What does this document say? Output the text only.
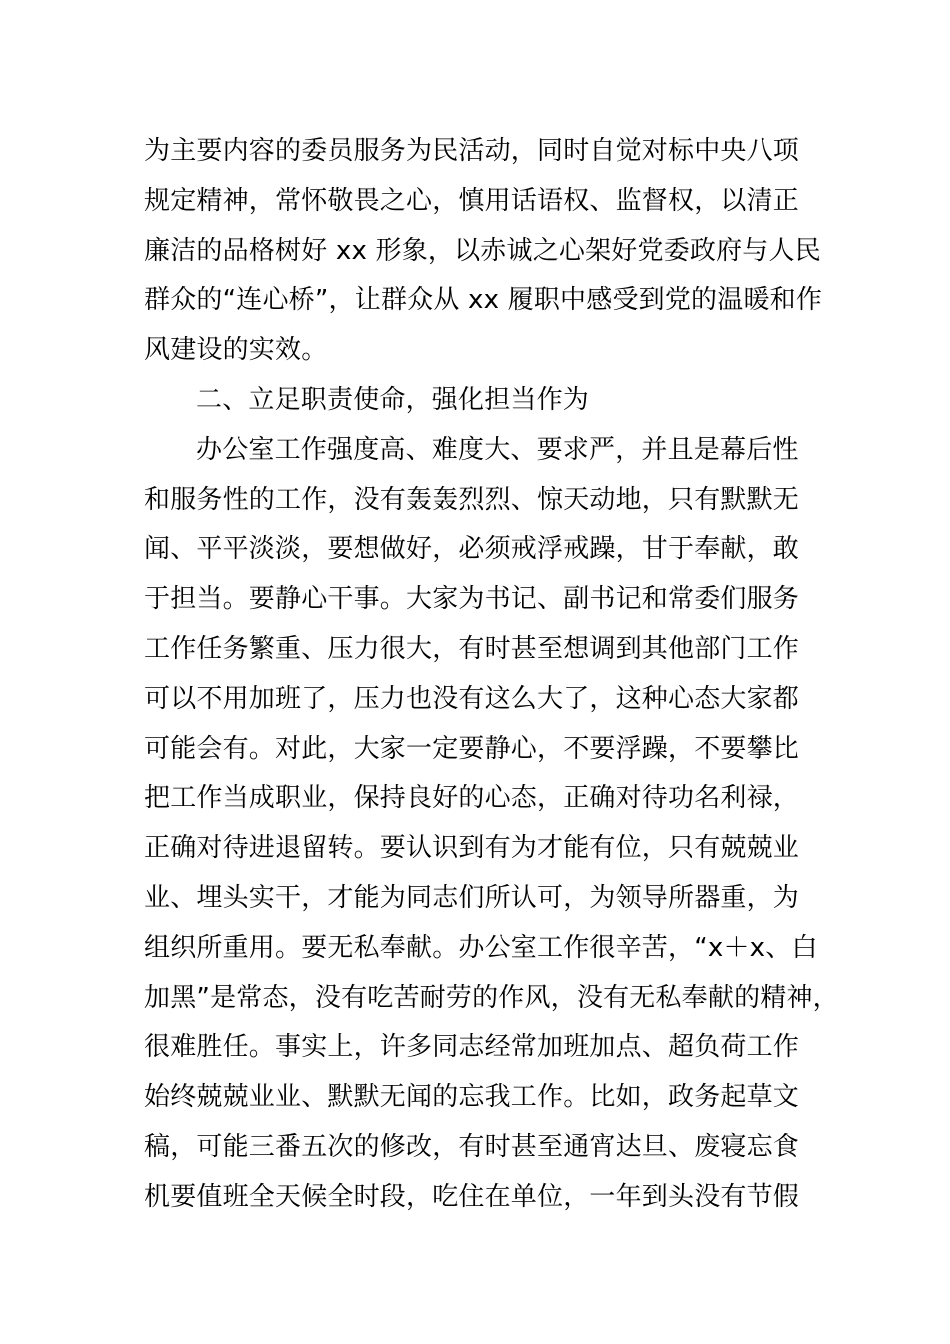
为主要内容的委员服务为民活动，同时自觉对标中央八项
规定精神，常怀敬畏之心，慎用话语权、监督权，以清正
廉洁的品格树好 xx 形象，以赤诚之心架好党委政府与人民
群众的“连心桥”，让群众从 xx 履职中感受到党的温暖和作
风建设的实效。
二、立足职责使命，强化担当作为
办公室工作强度高、难度大、要求严，并且是幕后性
和服务性的工作，没有轰轰烈烈、惊天动地，只有默默无
闻、平平淡淡，要想做好，必须戒浮戒躁，甘于奉献，敢
于担当。要静心干事。大家为书记、副书记和常委们服务
工作任务繁重、压力很大，有时甚至想调到其他部门工作
可以不用加班了，压力也没有这么大了，这种心态大家都
可能会有。对此，大家一定要静心，不要浮躁，不要攀比
把工作当成职业，保持良好的心态，正确对待功名利禄，
正确对待进退留转。要认识到有为才能有位，只有兢兢业
业、埋头实干，才能为同志们所认可，为领导所器重，为
组织所重用。要无私奉献。办公室工作很辛苦，“x＋x、白
加黑”是常态，没有吃苦耐劳的作风，没有无私奉献的精神，
很难胜任。事实上，许多同志经常加班加点、超负荷工作
始终兢兢业业、默默无闻的忘我工作。比如，政务起草文
稿，可能三番五次的修改，有时甚至通宵达旦、废寝忘食
机要值班全天候全时段，吃住在单位，一年到头没有节假
